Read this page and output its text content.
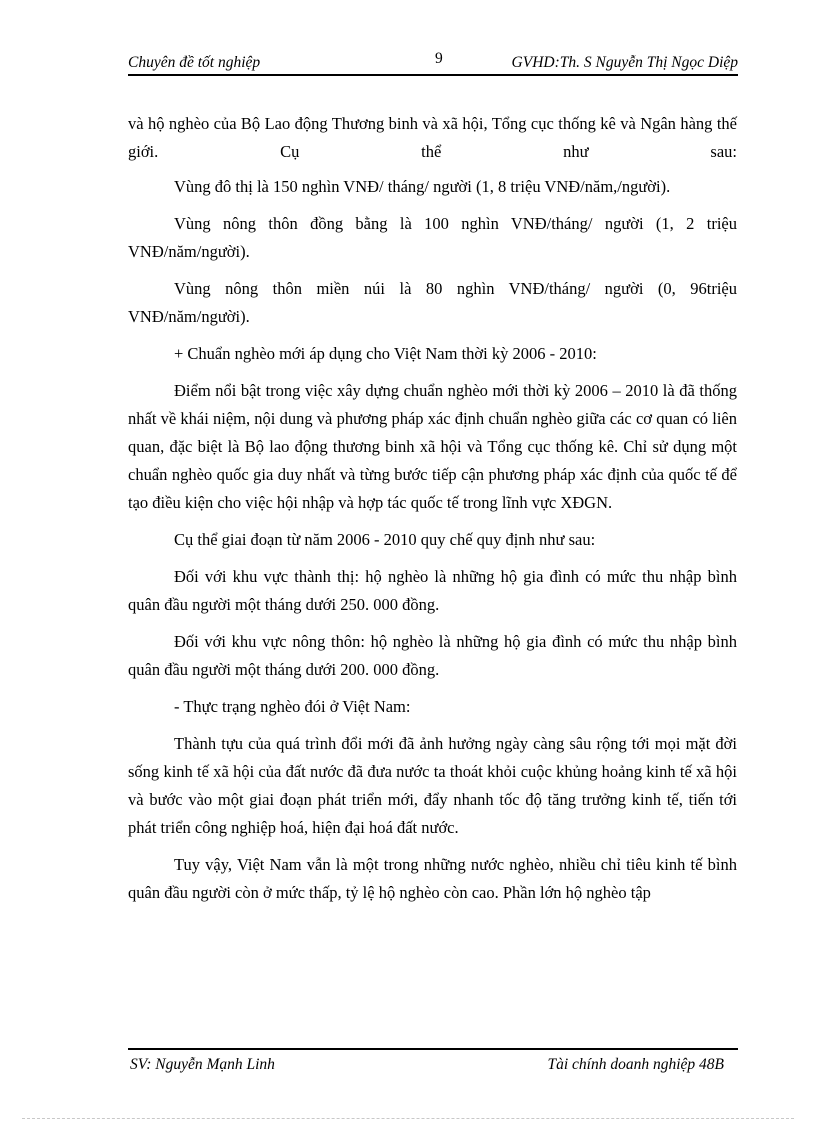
Chuyên đề tốt nghiệp	9	GVHD:Th. S Nguyễn Thị Ngọc Diệp

và hộ nghèo của Bộ Lao động Thương binh và xã hội, Tổng cục thống kê và Ngân hàng thế giới. Cụ thể như sau:

Vùng đô thị là 150 nghìn VNĐ/ tháng/ người (1, 8 triệu VNĐ/năm,/người).

Vùng nông thôn đồng bằng là 100 nghìn VNĐ/tháng/ người (1, 2 triệu VNĐ/năm/người).

Vùng nông thôn miền núi là 80 nghìn VNĐ/tháng/ người (0, 96triệu VNĐ/năm/người).

+ Chuẩn nghèo mới áp dụng cho Việt Nam thời kỳ 2006 - 2010:

Điểm nổi bật trong việc xây dựng chuẩn nghèo mới thời kỳ 2006 – 2010 là đã thống nhất về khái niệm, nội dung và phương pháp xác định chuẩn nghèo giữa các cơ quan có liên quan, đặc biệt là Bộ lao động thương binh xã hội và Tổng cục thống kê. Chỉ sử dụng một chuẩn nghèo quốc gia duy nhất và từng bước tiếp cận phương pháp xác định của quốc tế để tạo điều kiện cho việc hội nhập và hợp tác quốc tế trong lĩnh vực XĐGN.

Cụ thể giai đoạn từ năm 2006 - 2010 quy chế quy định như sau:

Đối với khu vực thành thị: hộ nghèo là những hộ gia đình có mức thu nhập bình quân đầu người một tháng dưới 250. 000 đồng.

Đối với khu vực nông thôn: hộ nghèo là những hộ gia đình có mức thu nhập bình quân đầu người một tháng dưới 200. 000 đồng.

- Thực trạng nghèo đói ở Việt Nam:

Thành tựu của quá trình đổi mới đã ảnh hưởng ngày càng sâu rộng tới mọi mặt đời sống kinh tế xã hội của đất nước đã đưa nước ta thoát khỏi cuộc khủng hoảng kinh tế xã hội và bước vào một giai đoạn phát triển mới, đẩy nhanh tốc độ tăng trưởng kinh tế, tiến tới phát triển công nghiệp hoá, hiện đại hoá đất nước.

Tuy vậy, Việt Nam vẫn là một trong những nước nghèo, nhiều chỉ tiêu kinh tế bình quân đầu người còn ở mức thấp, tỷ lệ hộ nghèo còn cao. Phần lớn hộ nghèo tập

SV: Nguyễn Mạnh Linh	Tài chính doanh nghiệp 48B
